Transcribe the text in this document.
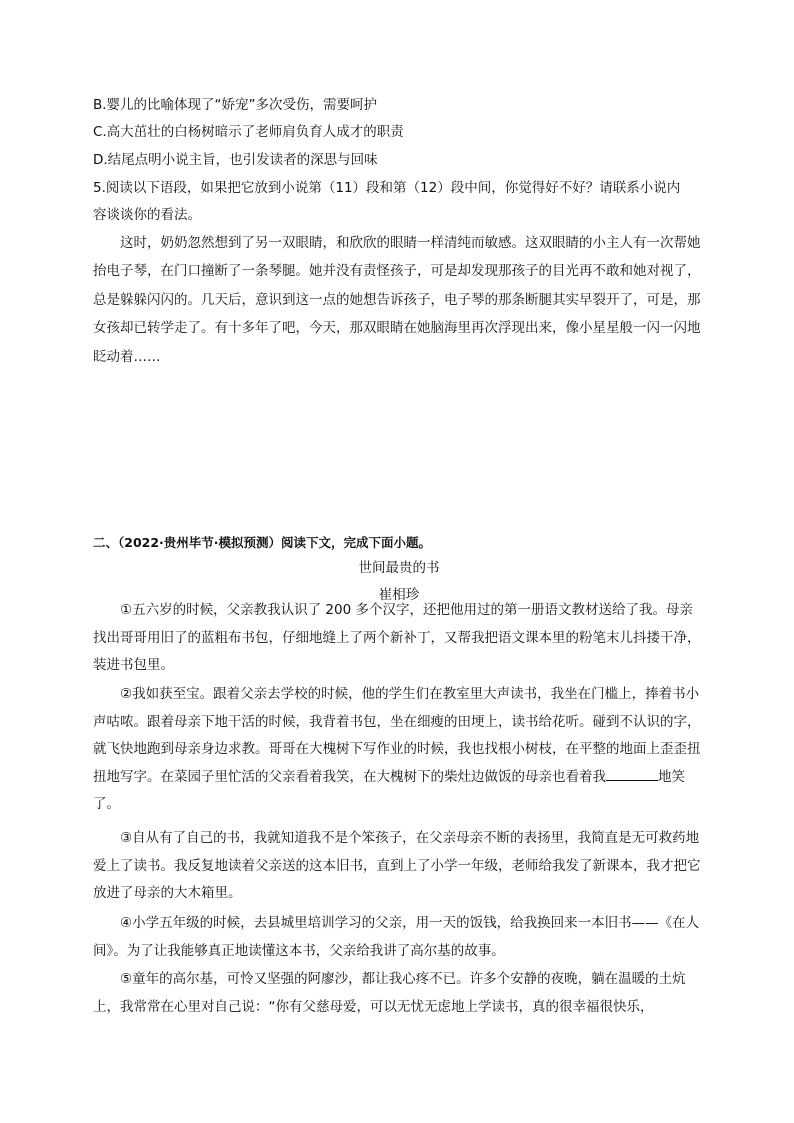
B.婴儿的比喻体现了“娇宠”多次受伤，需要呵护
C.高大茁壮的白杨树暗示了老师肩负育人成才的职责
D.结尾点明小说主旨，也引发读者的深思与回味
5.阅读以下语段，如果把它放到小说第（11）段和第（12）段中间，你觉得好不好？请联系小说内
容谈谈你的看法。

这时，奶奶忽然想到了另一双眼睛，和欣欣的眼睛一样清纯而敏感。这双眼睛的小主人有一次帮她抬电子琴，在门口撞断了一条琴腿。她并没有责怪孩子，可是却发现那孩子的目光再不敢和她对视了，总是躲躲闪闪的。几天后，意识到这一点的她想告诉孩子，电子琴的那条断腿其实早裂开了，可是，那女孩却已转学走了。有十多年了吧，今天，那双眼睛在她脑海里再次浮现出来，像小星星般一闪一闪地眨动着……

二、（2022·贵州毕节·模拟预测）阅读下文，完成下面小题。
世间最贵的书
崔相珍

①五六岁的时候，父亲教我认识了 200 多个汉字，还把他用过的第一册语文教材送给了我。母亲找出哥哥用旧了的蓝粗布书包，仔细地缝上了两个新补丁，又帮我把语文课本里的粉笔末儿抖搂干净，装进书包里。

②我如获至宝。跟着父亲去学校的时候，他的学生们在教室里大声读书，我坐在门槛上，捧着书小声咕哝。跟着母亲下地干活的时候，我背着书包，坐在细瘦的田埂上，读书给花听。碰到不认识的字，就飞快地跑到母亲身边求教。哥哥在大槐树下写作业的时候，我也找根小树枝，在平整的地面上歪歪扭扭地写字。在菜园子里忙活的父亲看着我笑，在大槐树下的柴灶边做饭的母亲也看着我	地笑了。

③自从有了自己的书，我就知道我不是个笨孩子，在父亲母亲不断的表扬里，我简直是无可救药地爱上了读书。我反复地读着父亲送的这本旧书，直到上了小学一年级，老师给我发了新课本，我才把它放进了母亲的大木箱里。

④小学五年级的时候，去县城里培训学习的父亲，用一天的饭钱，给我换回来一本旧书——《在人间》。为了让我能够真正地读懂这本书，父亲给我讲了高尔基的故事。

⑤童年的高尔基，可怜又坚强的阿廖沙，都让我心疼不已。许多个安静的夜晚，躺在温暖的土炕上，我常常在心里对自己说：“你有父慈母爱，可以无忧无虑地上学读书，真的很幸福很快乐，
